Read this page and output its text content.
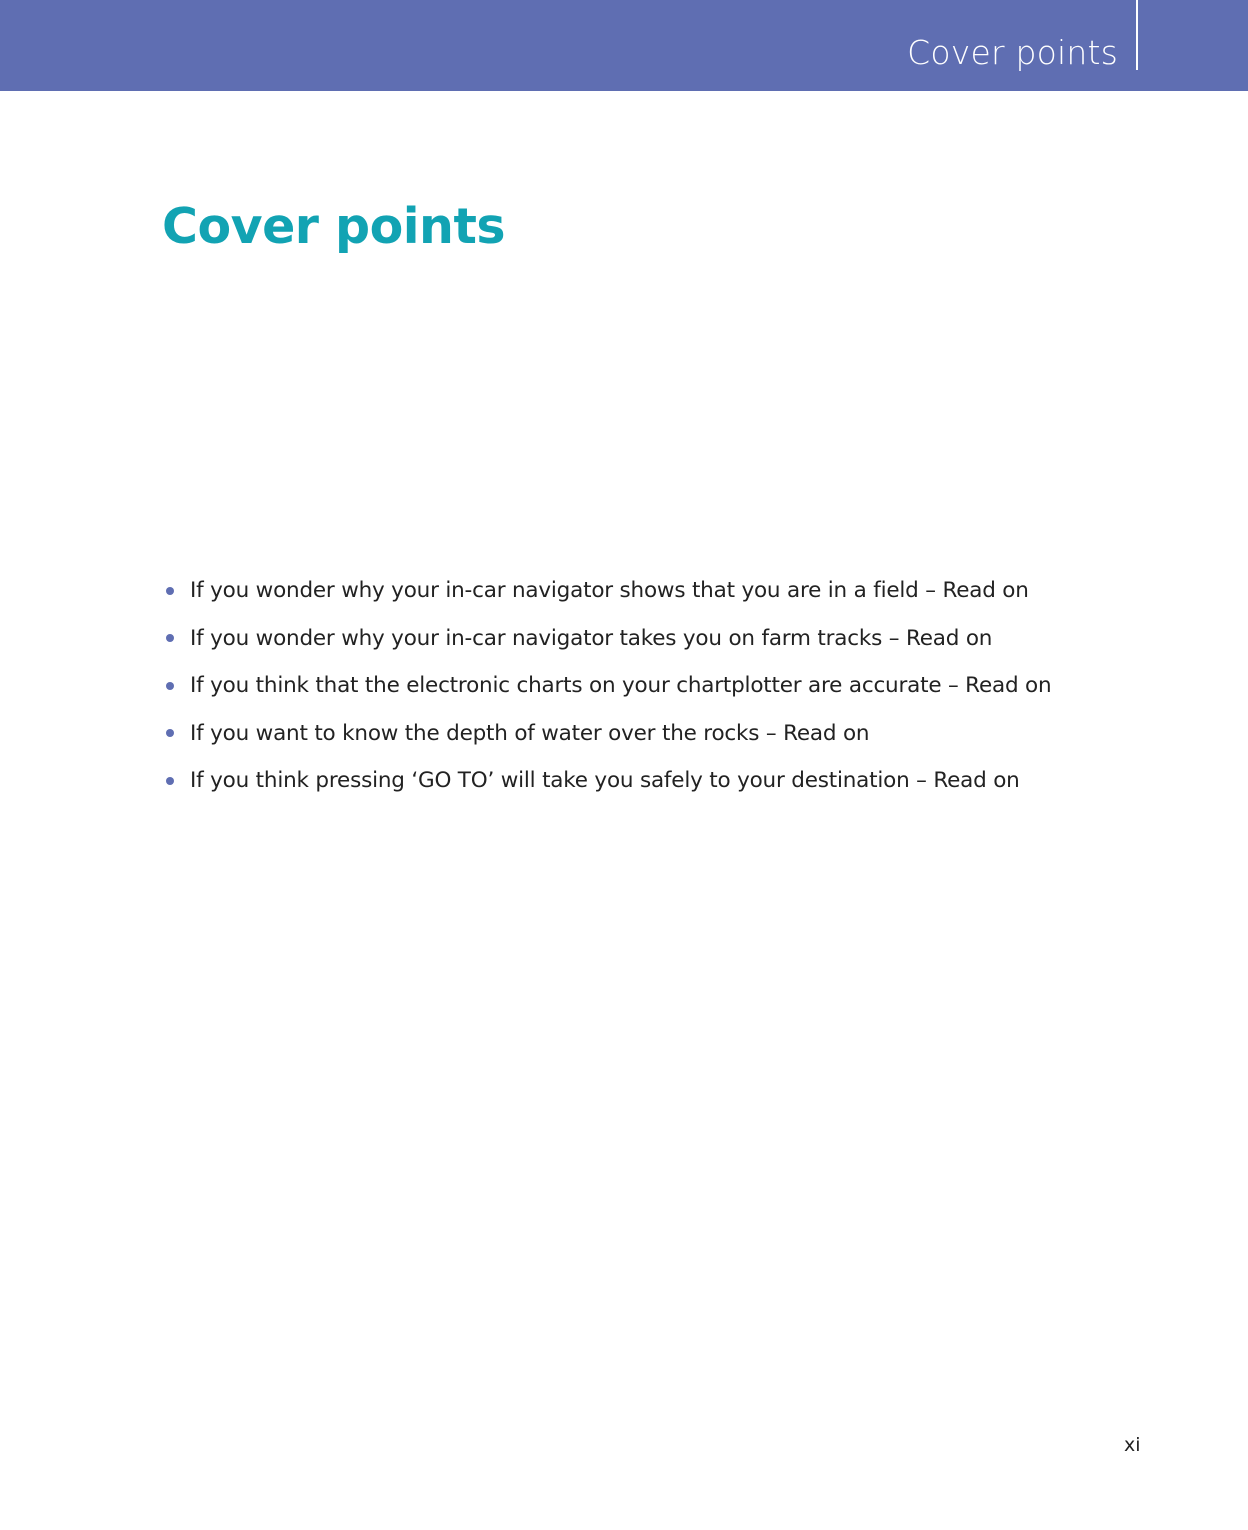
Cover points
Cover points
If you wonder why your in-car navigator shows that you are in a field – Read on
If you wonder why your in-car navigator takes you on farm tracks – Read on
If you think that the electronic charts on your chartplotter are accurate – Read on
If you want to know the depth of water over the rocks – Read on
If you think pressing ‘GO TO’ will take you safely to your destination – Read on
xi
